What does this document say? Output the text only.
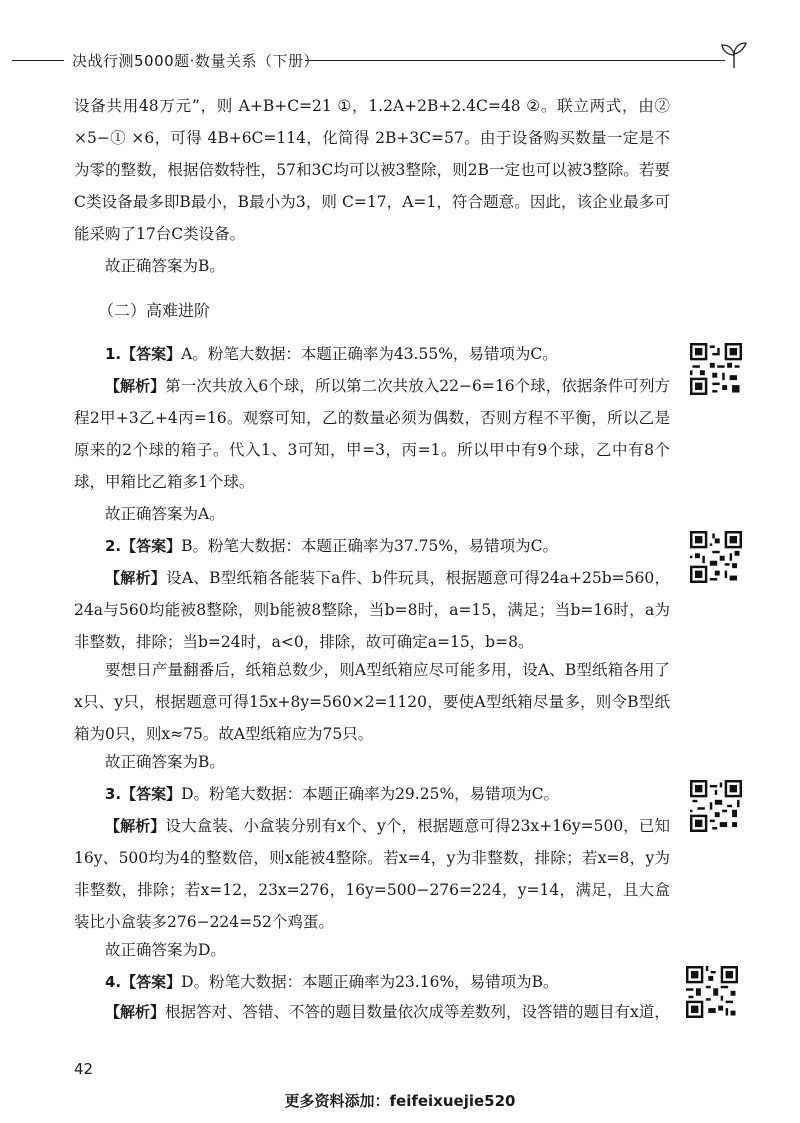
决战行测5000题·数量关系（下册）

设备共用48万元”，则 A+B+C=21 ①，1.2A+2B+2.4C=48 ②。联立两式，由② ×5−① ×6，可得 4B+6C=114，化简得 2B+3C=57。由于设备购买数量一定是不为零的整数，根据倍数特性，57和3C均可以被3整除，则2B一定也可以被3整除。若要C类设备最多即B最小，B最小为3，则 C=17，A=1，符合题意。因此，该企业最多可能采购了17台C类设备。

故正确答案为B。

（二）高难进阶

1.【答案】A。粉笔大数据：本题正确率为43.55%，易错项为C。

【解析】第一次共放入6个球，所以第二次共放入22−6=16个球，依据条件可列方程2甲+3乙+4丙=16。观察可知，乙的数量必须为偶数，否则方程不平衡，所以乙是原来的2个球的箱子。代入1、3可知，甲=3，丙=1。所以甲中有9个球，乙中有8个球，甲箱比乙箱多1个球。

故正确答案为A。

2.【答案】B。粉笔大数据：本题正确率为37.75%，易错项为C。

【解析】设A、B型纸箱各能装下a件、b件玩具，根据题意可得24a+25b=560，24a与560均能被8整除，则b能被8整除，当b=8时，a=15，满足；当b=16时，a为非整数，排除；当b=24时，a<0，排除，故可确定a=15，b=8。

要想日产量翻番后，纸箱总数少，则A型纸箱应尽可能多用，设A、B型纸箱各用了x只、y只，根据题意可得15x+8y=560×2=1120，要使A型纸箱尽量多，则令B型纸箱为0只，则x≈75。故A型纸箱应为75只。

故正确答案为B。

3.【答案】D。粉笔大数据：本题正确率为29.25%，易错项为C。

【解析】设大盒装、小盒装分别有x个、y个，根据题意可得23x+16y=500，已知16y、500均为4的整数倍，则x能被4整除。若x=4，y为非整数，排除；若x=8，y为非整数，排除；若x=12，23x=276，16y=500−276=224，y=14，满足，且大盒装比小盒装多276−224=52个鸡蛋。

故正确答案为D。

4.【答案】D。粉笔大数据：本题正确率为23.16%，易错项为B。

【解析】根据答对、答错、不答的题目数量依次成等差数列，设答错的题目有x道，

42

更多资料添加：feifeixuejie520
